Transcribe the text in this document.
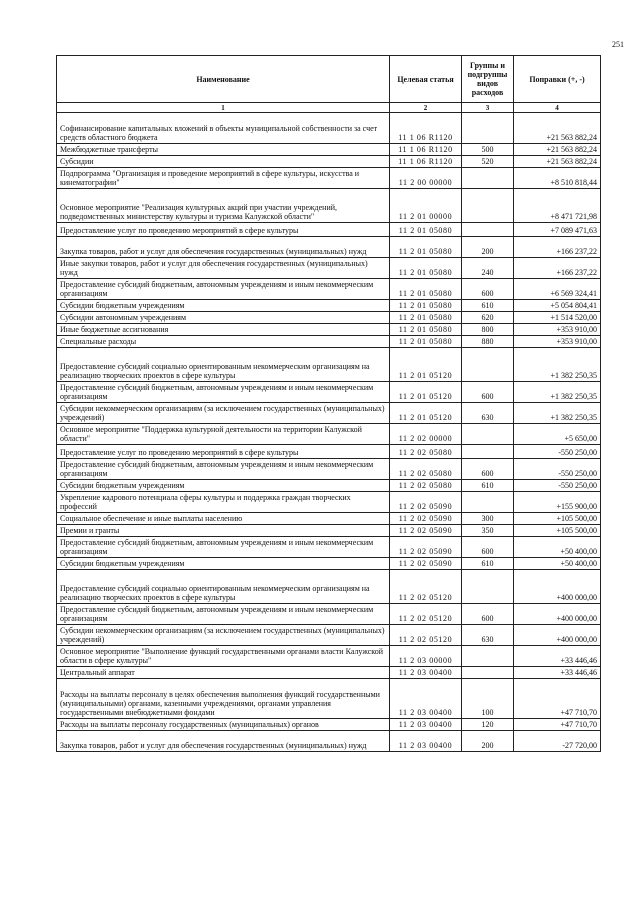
251
Наименование	Целевая статья	Группы и подгруппы видов расходов	Поправки (+, -)
1	2	3	4
Софинансирование капитальных вложений в объекты муниципальной собственности за счет средств областного бюджета	11 1 06 R1120		+21 563 882,24
Межбюджетные трансферты	11 1 06 R1120	500	+21 563 882,24
Субсидии	11 1 06 R1120	520	+21 563 882,24
Подпрограмма "Организация и проведение мероприятий в сфере культуры, искусства и кинематографии"	11 2 00 00000		+8 510 818,44
Основное мероприятие "Реализация культурных акций при участии учреждений, подведомственных министерству культуры и туризма Калужской области"	11 2 01 00000		+8 471 721,98
Предоставление услуг по проведению мероприятий в сфере культуры	11 2 01 05080		+7 089 471,63
Закупка товаров, работ и услуг для обеспечения государственных (муниципальных) нужд	11 2 01 05080	200	+166 237,22
Иные закупки товаров, работ и услуг для обеспечения государственных (муниципальных) нужд	11 2 01 05080	240	+166 237,22
Предоставление субсидий бюджетным, автономным учреждениям и иным некоммерческим организациям	11 2 01 05080	600	+6 569 324,41
Субсидии бюджетным учреждениям	11 2 01 05080	610	+5 054 804,41
Субсидии автономным учреждениям	11 2 01 05080	620	+1 514 520,00
Иные бюджетные ассигнования	11 2 01 05080	800	+353 910,00
Специальные расходы	11 2 01 05080	880	+353 910,00
Предоставление субсидий социально ориентированным некоммерческим организациям на реализацию творческих проектов в сфере культуры	11 2 01 05120		+1 382 250,35
Предоставление субсидий бюджетным, автономным учреждениям и иным некоммерческим организациям	11 2 01 05120	600	+1 382 250,35
Субсидии некоммерческим организациям (за исключением государственных (муниципальных) учреждений)	11 2 01 05120	630	+1 382 250,35
Основное мероприятие "Поддержка культурной деятельности на территории Калужской области"	11 2 02 00000		+5 650,00
Предоставление услуг по проведению мероприятий в сфере культуры	11 2 02 05080		-550 250,00
Предоставление субсидий бюджетным, автономным учреждениям и иным некоммерческим организациям	11 2 02 05080	600	-550 250,00
Субсидии бюджетным учреждениям	11 2 02 05080	610	-550 250,00
Укрепление кадрового потенциала сферы культуры и поддержка граждан творческих профессий	11 2 02 05090		+155 900,00
Социальное обеспечение и иные выплаты населению	11 2 02 05090	300	+105 500,00
Премии и гранты	11 2 02 05090	350	+105 500,00
Предоставление субсидий бюджетным, автономным учреждениям и иным некоммерческим организациям	11 2 02 05090	600	+50 400,00
Субсидии бюджетным учреждениям	11 2 02 05090	610	+50 400,00
Предоставление субсидий социально ориентированным некоммерческим организациям на реализацию творческих проектов в сфере культуры	11 2 02 05120		+400 000,00
Предоставление субсидий бюджетным, автономным учреждениям и иным некоммерческим организациям	11 2 02 05120	600	+400 000,00
Субсидии некоммерческим организациям (за исключением государственных (муниципальных) учреждений)	11 2 02 05120	630	+400 000,00
Основное мероприятие "Выполнение функций государственными органами власти Калужской области в сфере культуры"	11 2 03 00000		+33 446,46
Центральный аппарат	11 2 03 00400		+33 446,46
Расходы на выплаты персоналу в целях обеспечения выполнения функций государственными (муниципальными) органами, казенными учреждениями, органами управления государственными внебюджетными фондами	11 2 03 00400	100	+47 710,70
Расходы на выплаты персоналу государственных (муниципальных) органов	11 2 03 00400	120	+47 710,70
Закупка товаров, работ и услуг для обеспечения государственных (муниципальных) нужд	11 2 03 00400	200	-27 720,00
